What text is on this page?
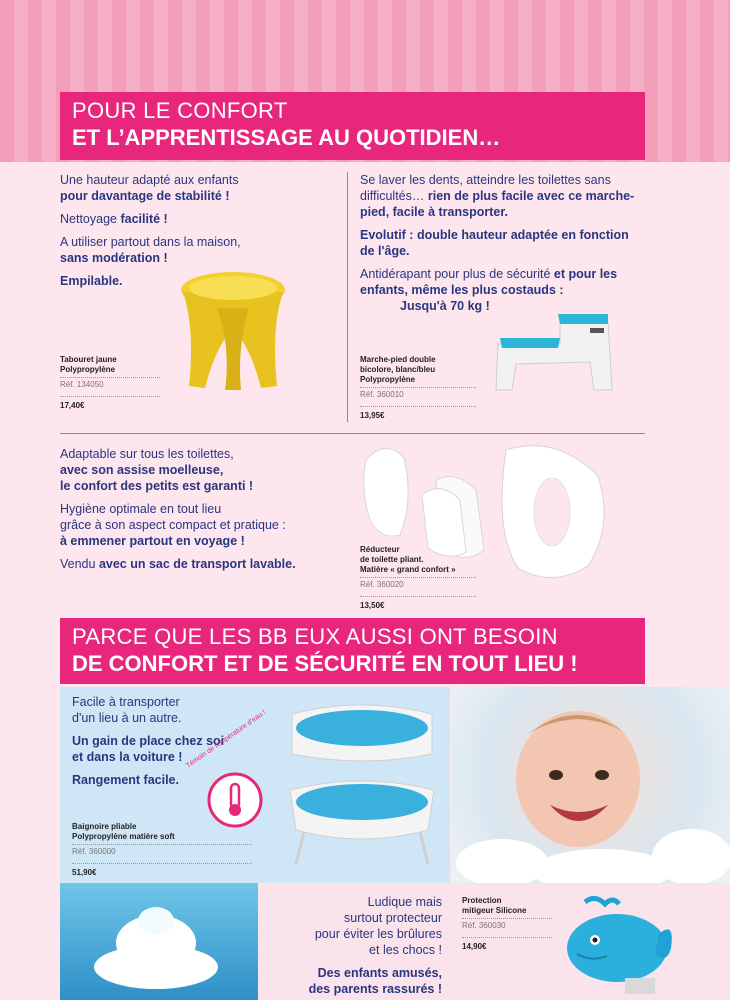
POUR LE CONFORT
ET L’APPRENTISSAGE AU QUOTIDIEN…

Une hauteur adapté aux enfants
pour davantage de stabilité !

Nettoyage facilité !

A utiliser partout dans la maison,
sans modération !

Empilable.

Tabouret jaune
Polypropylène
Réf. 134050
17,40€

Se laver les dents, atteindre les toilettes sans
difficultés… rien de plus facile avec ce marche-
pied, facile à transporter.

Evolutif : double hauteur adaptée en fonction
de l'âge.

Antidérapant pour plus de sécurité et pour les
enfants, même les plus costauds :
Jusqu'à 70 kg !

Marche-pied double
bicolore, blanc/bleu
Polypropylène
Réf. 360010
13,95€

Adaptable sur tous les toilettes,
avec son assise moelleuse,
le confort des petits est garanti !

Hygiène optimale en tout lieu
grâce à son aspect compact et pratique :
à emmener partout en voyage !

Vendu avec un sac de transport lavable.

Réducteur
de toilette pliant.
Matière « grand confort »
Réf. 360020
13,50€
PARCE QUE LES BB EUX AUSSI ONT BESOIN
DE CONFORT ET DE SÉCURITÉ EN TOUT LIEU !

Facile à transporter
d'un lieu à un autre.

Un gain de place chez soi
et dans la voiture !

Rangement facile.

Témoin de température d'eau !
Baignoire pliable
Polypropylène matière soft
Réf. 360000
51,90€

Ludique mais
surtout protecteur
pour éviter les brûlures
et les chocs !

Des enfants amusés,
des parents rassurés !

Protection
mitigeur Silicone
Réf. 360030
14,90€
